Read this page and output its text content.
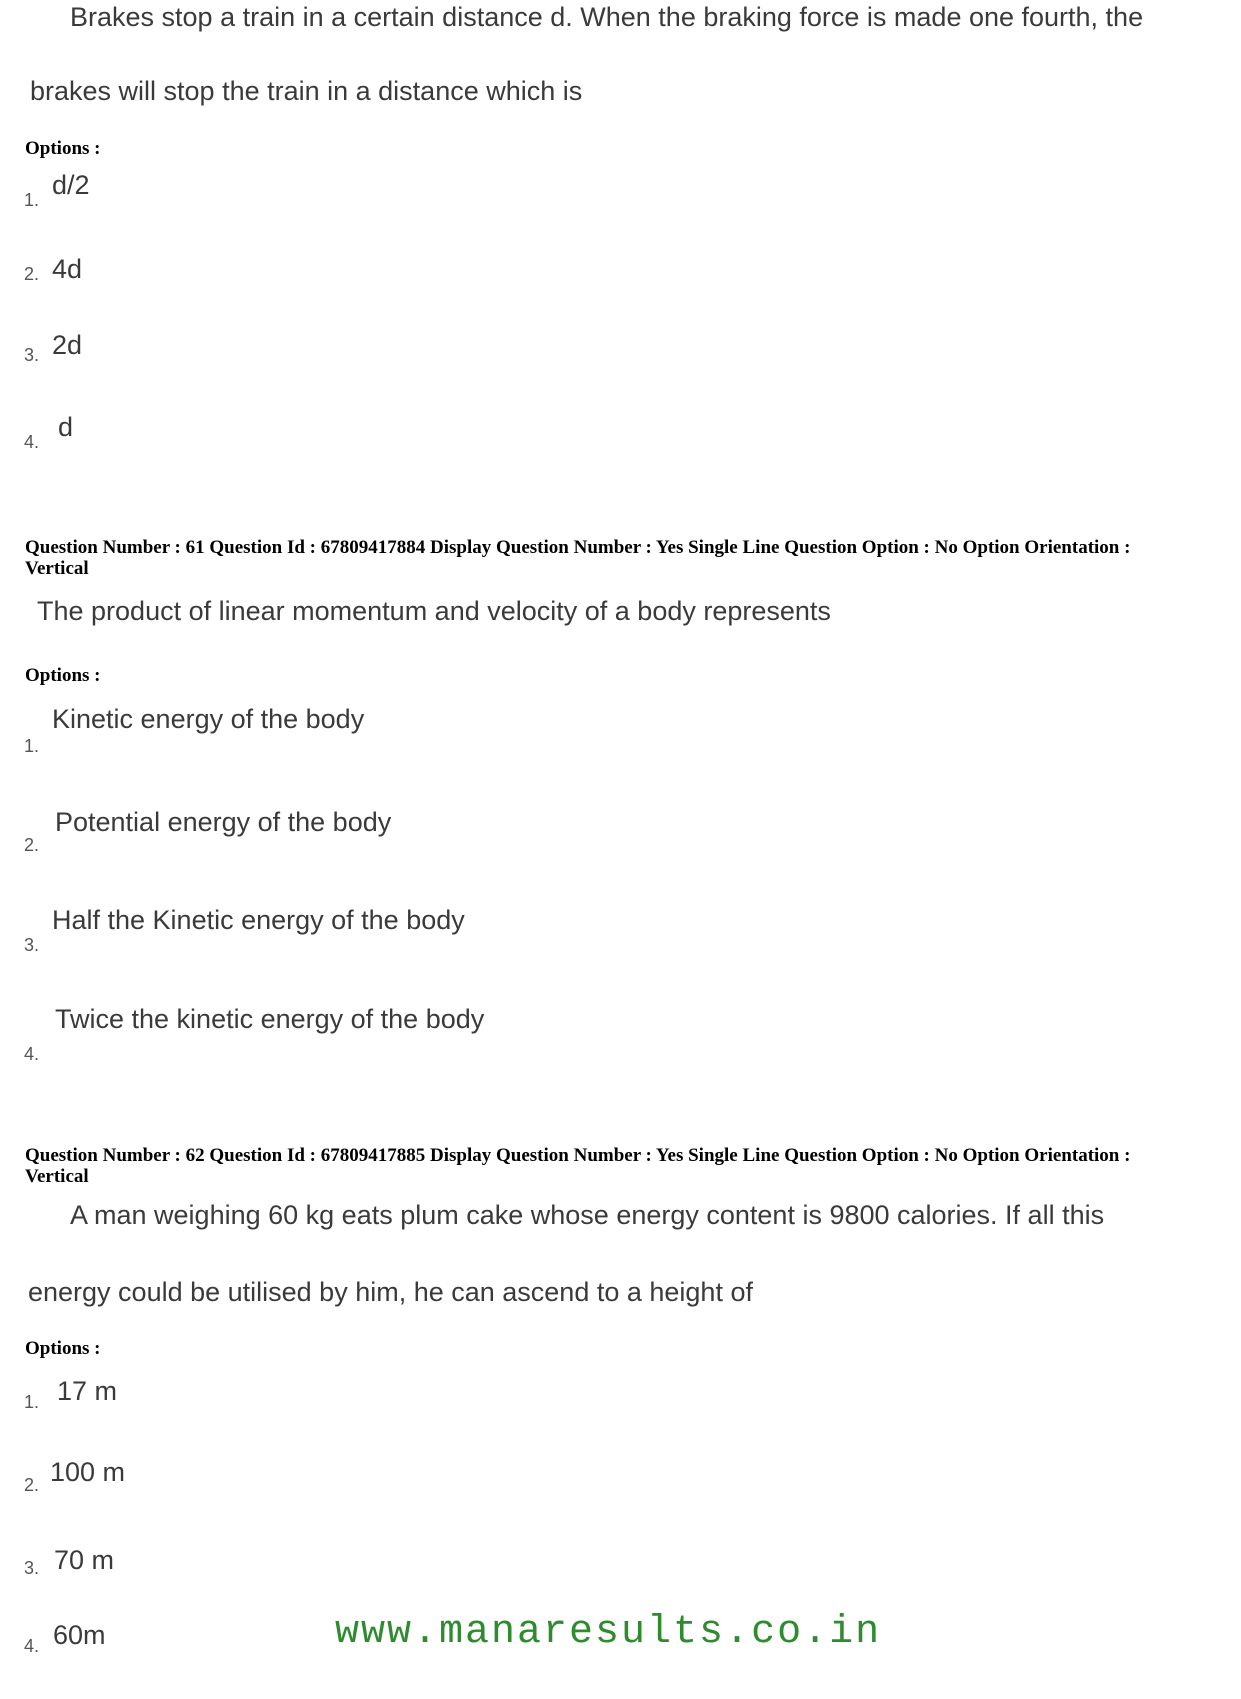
Brakes stop a train in a certain distance d. When the braking force is made one fourth, the
brakes will stop the train in a distance which is
Options :
1. d/2
2. 4d
3. 2d
4. d
Question Number : 61 Question Id : 67809417884 Display Question Number : Yes Single Line Question Option : No Option Orientation : Vertical
The product of linear momentum and velocity of a body represents
Options :
1.
Kinetic energy of the body
2.
Potential energy of the body
3.
Half the Kinetic energy of the body
4.
Twice the kinetic energy of the body
Question Number : 62 Question Id : 67809417885 Display Question Number : Yes Single Line Question Option : No Option Orientation : Vertical
A man weighing 60 kg eats plum cake whose energy content is 9800 calories. If all this
energy could be utilised by him, he can ascend to a height of
Options :
1. 17 m
2. 100 m
3. 70 m
4. 60m	www.manaresults.co.in
